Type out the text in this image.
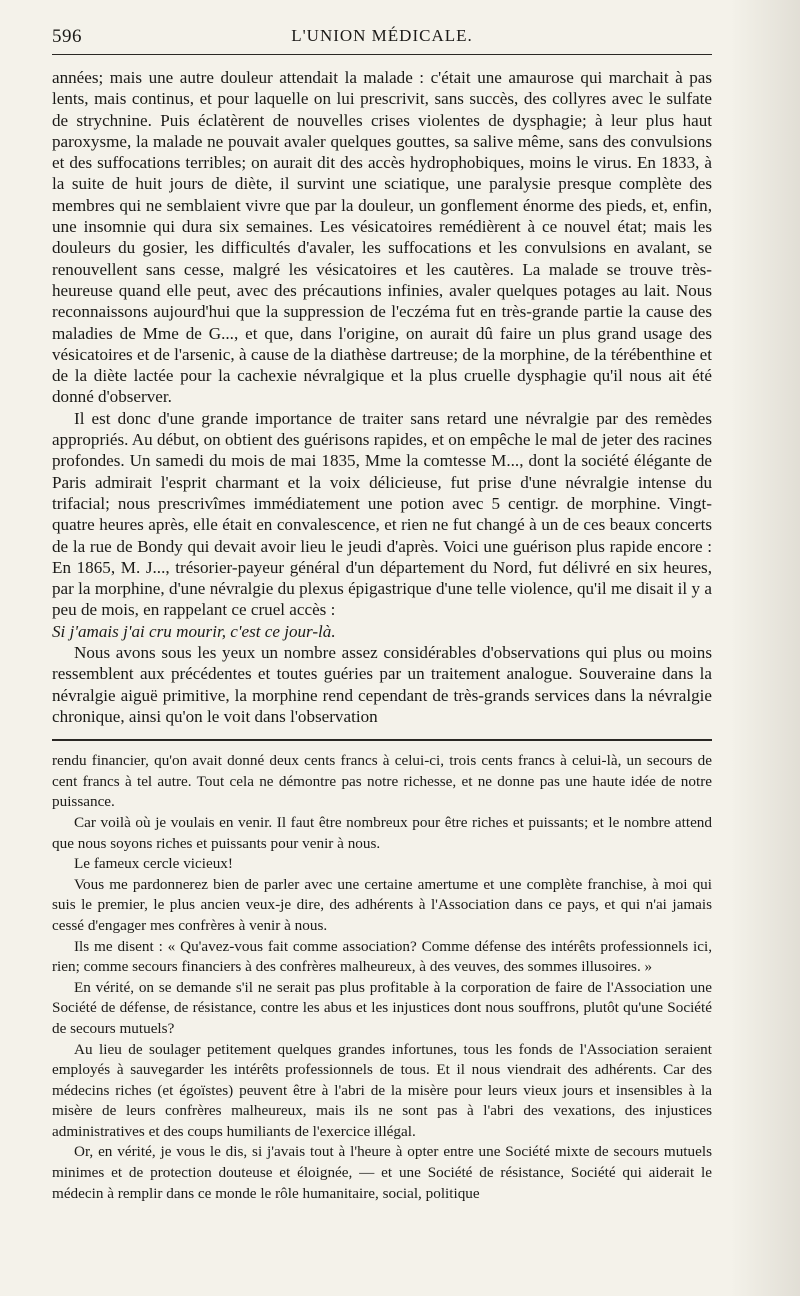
596	L'UNION MÉDICALE.

années; mais une autre douleur attendait la malade : c'était une amaurose qui marchait à pas lents, mais continus, et pour laquelle on lui prescrivit, sans succès, des collyres avec le sulfate de strychnine. Puis éclatèrent de nouvelles crises violentes de dysphagie; à leur plus haut paroxysme, la malade ne pouvait avaler quelques gouttes, sa salive même, sans des convulsions et des suffocations terribles; on aurait dit des accès hydrophobiques, moins le virus. En 1833, à la suite de huit jours de diète, il survint une sciatique, une paralysie presque complète des membres qui ne semblaient vivre que par la douleur, un gonflement énorme des pieds, et, enfin, une insomnie qui dura six semaines. Les vésicatoires remédièrent à ce nouvel état; mais les douleurs du gosier, les difficultés d'avaler, les suffocations et les convulsions en avalant, se renouvellent sans cesse, malgré les vésicatoires et les cautères. La malade se trouve très-heureuse quand elle peut, avec des précautions infinies, avaler quelques potages au lait. Nous reconnaissons aujourd'hui que la suppression de l'eczéma fut en très-grande partie la cause des maladies de Mme de G..., et que, dans l'origine, on aurait dû faire un plus grand usage des vésicatoires et de l'arsenic, à cause de la diathèse dartreuse; de la morphine, de la térébenthine et de la diète lactée pour la cachexie névralgique et la plus cruelle dysphagie qu'il nous ait été donné d'observer.

Il est donc d'une grande importance de traiter sans retard une névralgie par des remèdes appropriés. Au début, on obtient des guérisons rapides, et on empêche le mal de jeter des racines profondes. Un samedi du mois de mai 1835, Mme la comtesse M..., dont la société élégante de Paris admirait l'esprit charmant et la voix délicieuse, fut prise d'une névralgie intense du trifacial; nous prescrivîmes immédiatement une potion avec 5 centigr. de morphine. Vingt-quatre heures après, elle était en convalescence, et rien ne fut changé à un de ces beaux concerts de la rue de Bondy qui devait avoir lieu le jeudi d'après. Voici une guérison plus rapide encore : En 1865, M. J..., trésorier-payeur général d'un département du Nord, fut délivré en six heures, par la morphine, d'une névralgie du plexus épigastrique d'une telle violence, qu'il me disait il y a peu de mois, en rappelant ce cruel accès :

Si j'amais j'ai cru mourir, c'est ce jour-là.

Nous avons sous les yeux un nombre assez considérables d'observations qui plus ou moins ressemblent aux précédentes et toutes guéries par un traitement analogue. Souveraine dans la névralgie aiguë primitive, la morphine rend cependant de très-grands services dans la névralgie chronique, ainsi qu'on le voit dans l'observation

rendu financier, qu'on avait donné deux cents francs à celui-ci, trois cents francs à celui-là, un secours de cent francs à tel autre. Tout cela ne démontre pas notre richesse, et ne donne pas une haute idée de notre puissance.

Car voilà où je voulais en venir. Il faut être nombreux pour être riches et puissants; et le nombre attend que nous soyons riches et puissants pour venir à nous.

Le fameux cercle vicieux!

Vous me pardonnerez bien de parler avec une certaine amertume et une complète franchise, à moi qui suis le premier, le plus ancien veux-je dire, des adhérents à l'Association dans ce pays, et qui n'ai jamais cessé d'engager mes confrères à venir à nous.

Ils me disent : « Qu'avez-vous fait comme association? Comme défense des intérêts professionnels ici, rien; comme secours financiers à des confrères malheureux, à des veuves, des sommes illusoires. »

En vérité, on se demande s'il ne serait pas plus profitable à la corporation de faire de l'Association une Société de défense, de résistance, contre les abus et les injustices dont nous souffrons, plutôt qu'une Société de secours mutuels?

Au lieu de soulager petitement quelques grandes infortunes, tous les fonds de l'Association seraient employés à sauvegarder les intérêts professionnels de tous. Et il nous viendrait des adhérents. Car des médecins riches (et égoïstes) peuvent être à l'abri de la misère pour leurs vieux jours et insensibles à la misère de leurs confrères malheureux, mais ils ne sont pas à l'abri des vexations, des injustices administratives et des coups humiliants de l'exercice illégal.

Or, en vérité, je vous le dis, si j'avais tout à l'heure à opter entre une Société mixte de secours mutuels minimes et de protection douteuse et éloignée, — et une Société de résistance, Société qui aiderait le médecin à remplir dans ce monde le rôle humanitaire, social, politique
